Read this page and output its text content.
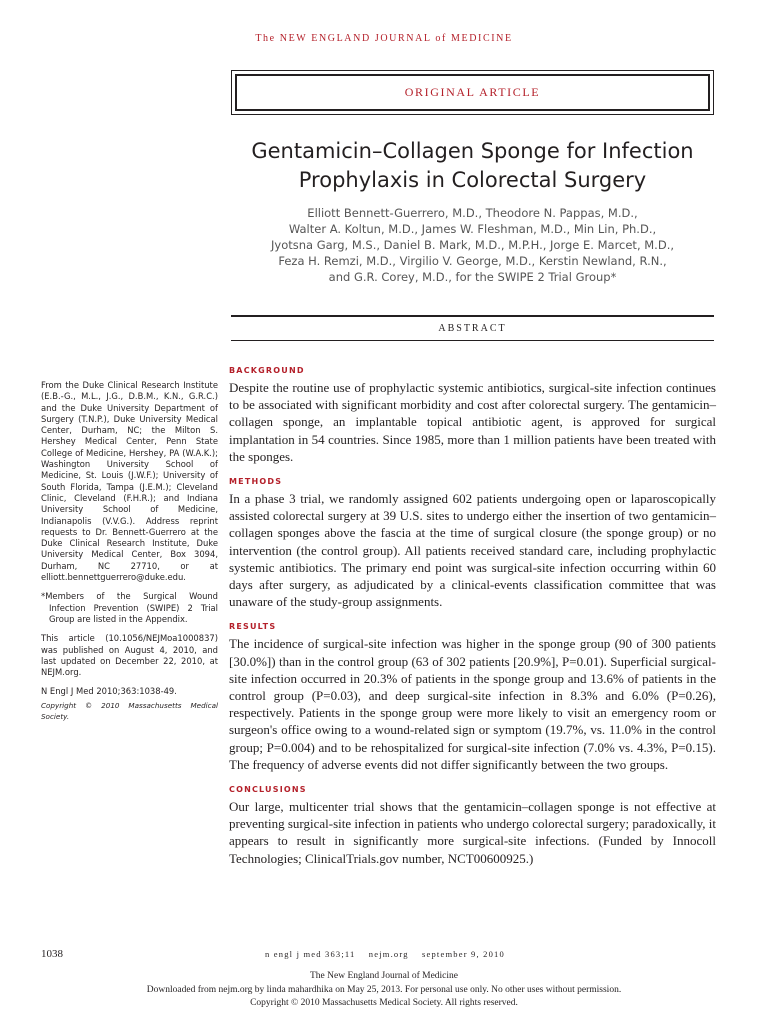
The NEW ENGLAND JOURNAL of MEDICINE
ORIGINAL ARTICLE
Gentamicin–Collagen Sponge for Infection
Prophylaxis in Colorectal Surgery
Elliott Bennett-Guerrero, M.D., Theodore N. Pappas, M.D.,
Walter A. Koltun, M.D., James W. Fleshman, M.D., Min Lin, Ph.D.,
Jyotsna Garg, M.S., Daniel B. Mark, M.D., M.P.H., Jorge E. Marcet, M.D.,
Feza H. Remzi, M.D., Virgilio V. George, M.D., Kerstin Newland, R.N.,
and G.R. Corey, M.D., for the SWIPE 2 Trial Group*
ABSTRACT
BACKGROUND

Despite the routine use of prophylactic systemic antibiotics, surgical-site infection continues to be associated with significant morbidity and cost after colorectal surgery. The gentamicin–collagen sponge, an implantable topical antibiotic agent, is approved for surgical implantation in 54 countries. Since 1985, more than 1 million patients have been treated with the sponges.

METHODS

In a phase 3 trial, we randomly assigned 602 patients undergoing open or laparoscopically assisted colorectal surgery at 39 U.S. sites to undergo either the insertion of two gentamicin–collagen sponges above the fascia at the time of surgical closure (the sponge group) or no intervention (the control group). All patients received standard care, including prophylactic systemic antibiotics. The primary end point was surgical-site infection occurring within 60 days after surgery, as adjudicated by a clinical-events classification committee that was unaware of the study-group assignments.

RESULTS

The incidence of surgical-site infection was higher in the sponge group (90 of 300 patients [30.0%]) than in the control group (63 of 302 patients [20.9%], P=0.01). Superficial surgical-site infection occurred in 20.3% of patients in the sponge group and 13.6% of patients in the control group (P=0.03), and deep surgical-site infection in 8.3% and 6.0% (P=0.26), respectively. Patients in the sponge group were more likely to visit an emergency room or surgeon's office owing to a wound-related sign or symptom (19.7%, vs. 11.0% in the control group; P=0.004) and to be rehospitalized for surgical-site infection (7.0% vs. 4.3%, P=0.15). The frequency of adverse events did not differ significantly between the two groups.

CONCLUSIONS

Our large, multicenter trial shows that the gentamicin–collagen sponge is not effective at preventing surgical-site infection in patients who undergo colorectal surgery; paradoxically, it appears to result in significantly more surgical-site infections. (Funded by Innocoll Technologies; ClinicalTrials.gov number, NCT00600925.)

From the Duke Clinical Research Institute (E.B.-G., M.L., J.G., D.B.M., K.N., G.R.C.) and the Duke University Department of Surgery (T.N.P.), Duke University Medical Center, Durham, NC; the Milton S. Hershey Medical Center, Penn State College of Medicine, Hershey, PA (W.A.K.); Washington University School of Medicine, St. Louis (J.W.F.); University of South Florida, Tampa (J.E.M.); Cleveland Clinic, Cleveland (F.H.R.); and Indiana University School of Medicine, Indianapolis (V.V.G.). Address reprint requests to Dr. Bennett-Guerrero at the Duke Clinical Research Institute, Duke University Medical Center, Box 3094, Durham, NC 27710, or at elliott.bennettguerrero@duke.edu.

*Members of the Surgical Wound Infection Prevention (SWIPE) 2 Trial Group are listed in the Appendix.

This article (10.1056/NEJMoa1000837) was published on August 4, 2010, and last updated on December 22, 2010, at NEJM.org.

N Engl J Med 2010;363:1038-49.

Copyright © 2010 Massachusetts Medical Society.

1038	n engl j med 363;11    nejm.org    september 9, 2010
The New England Journal of Medicine
Downloaded from nejm.org by linda mahardhika on May 25, 2013. For personal use only. No other uses without permission.
Copyright © 2010 Massachusetts Medical Society. All rights reserved.
